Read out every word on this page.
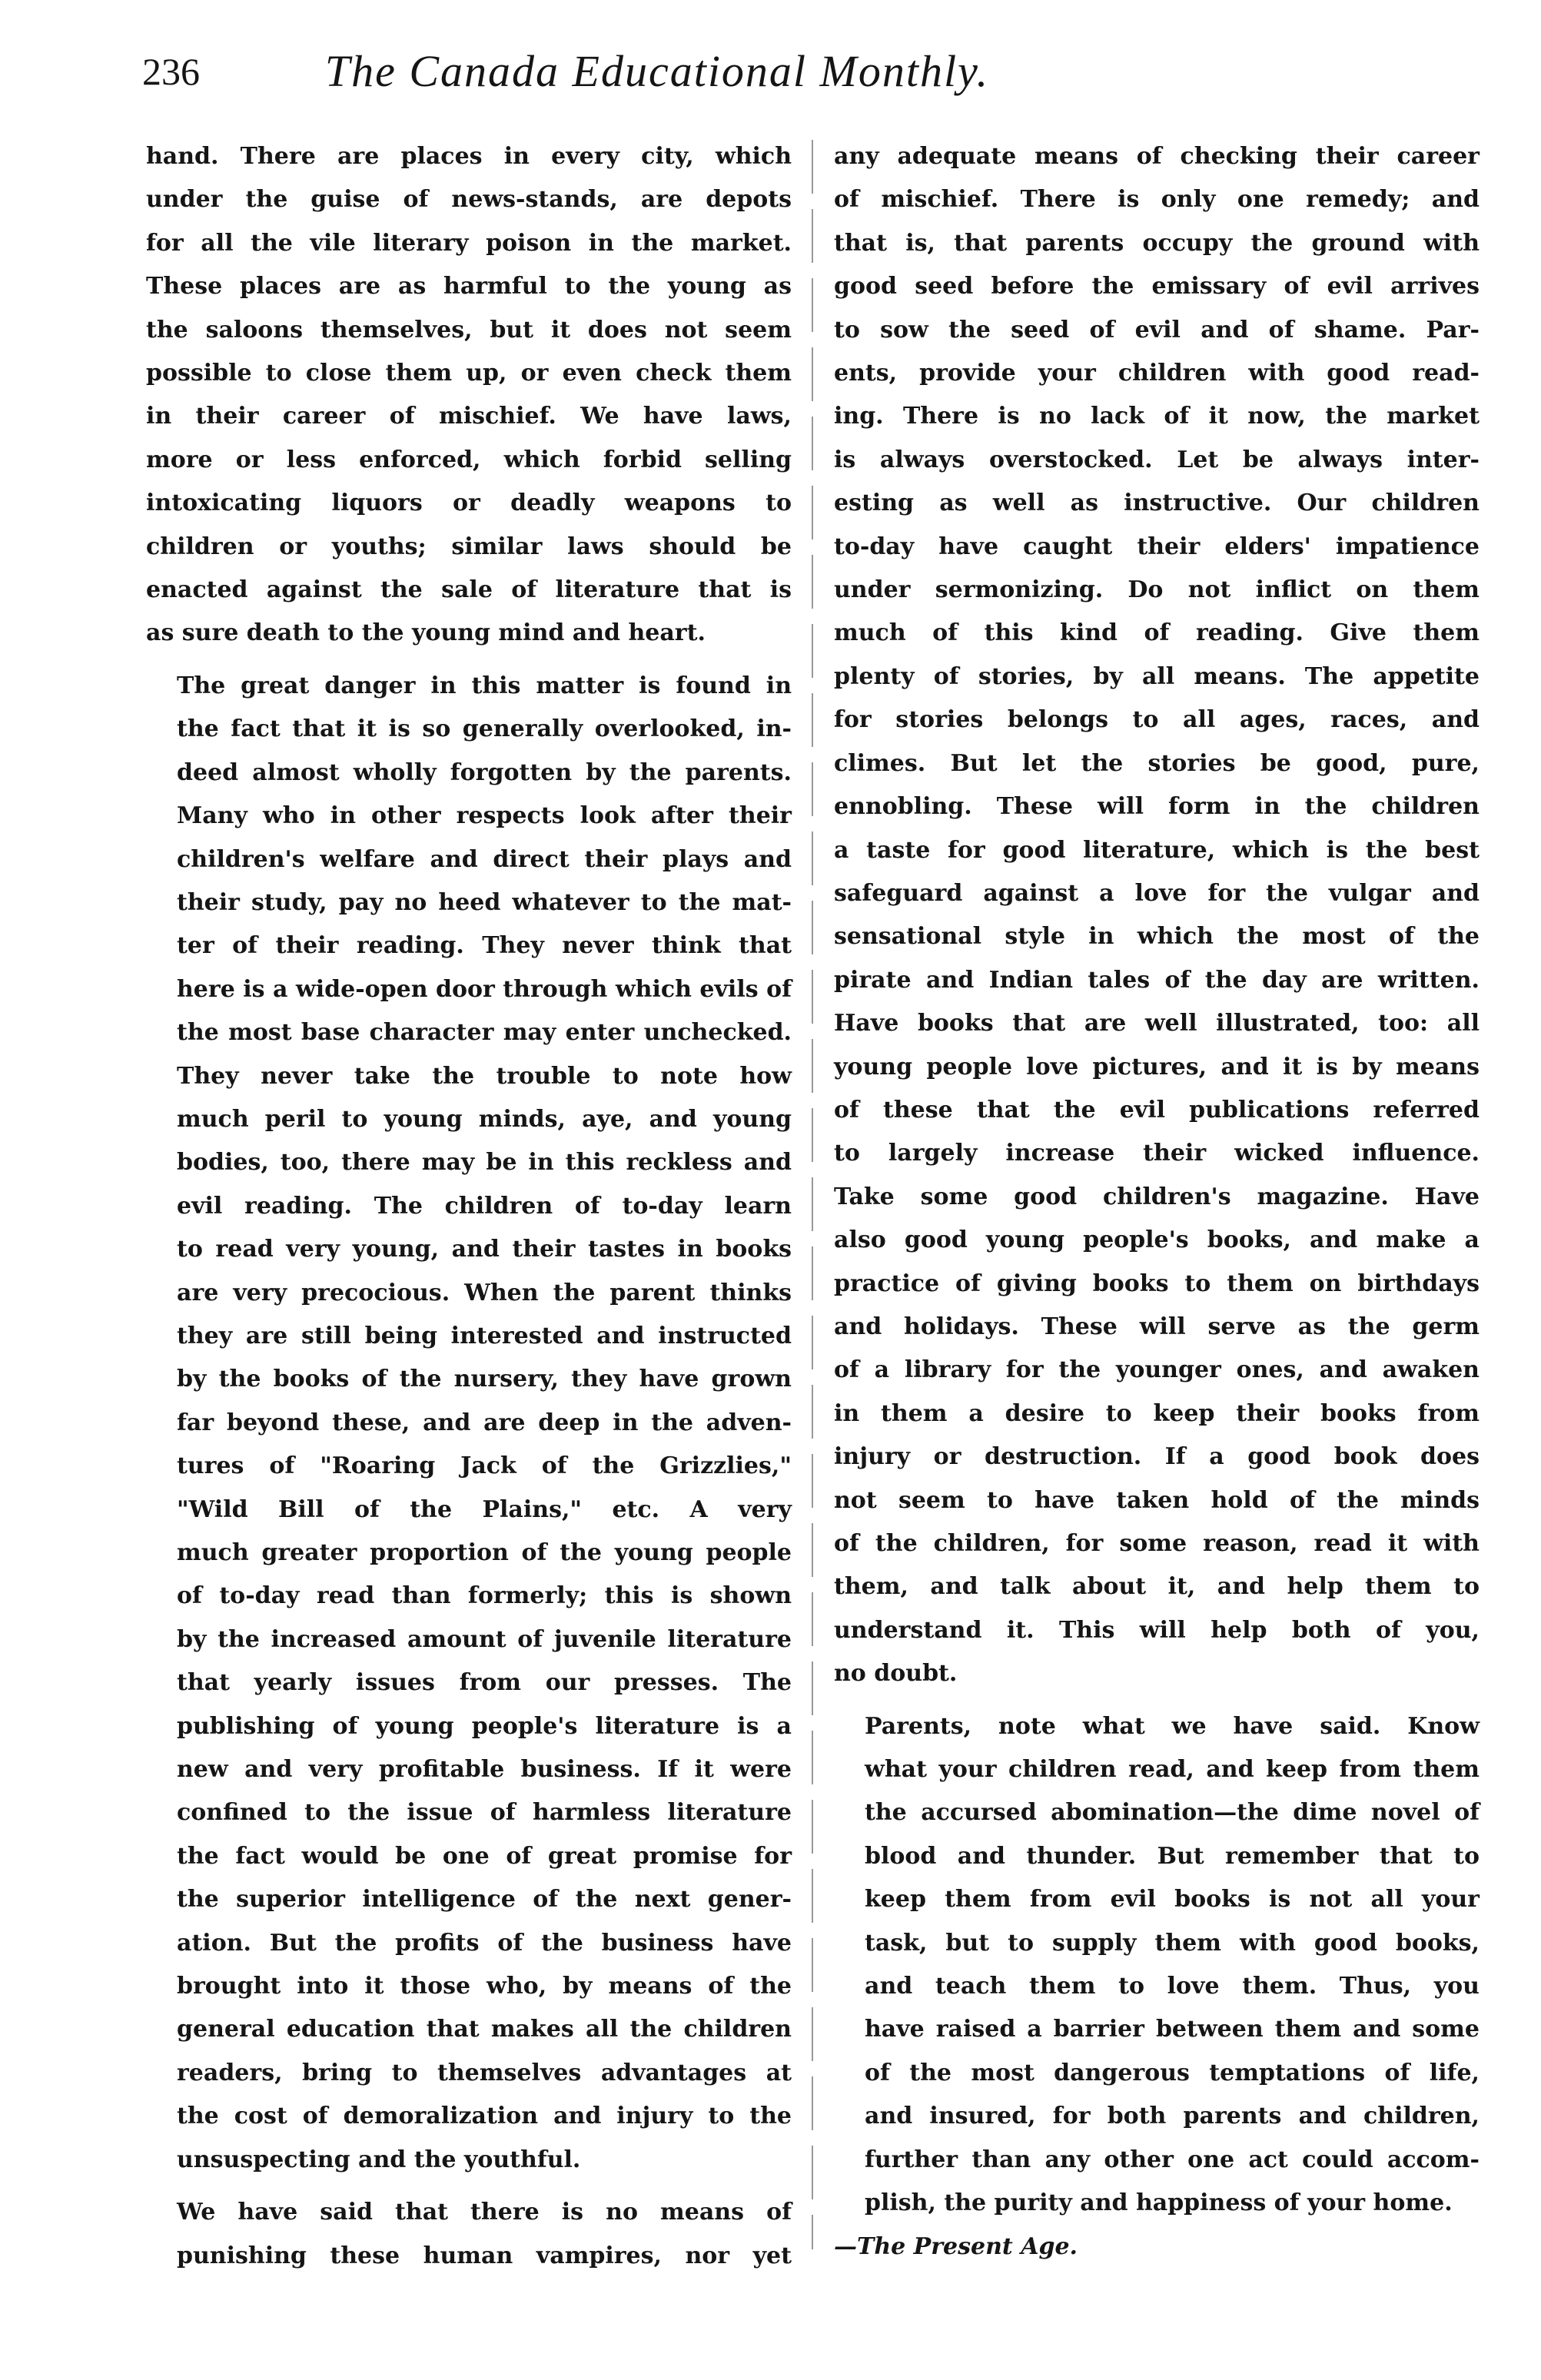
236	The Canada Educational Monthly.

hand. There are places in every city, which
under the guise of news-stands, are depots
for all the vile literary poison in the market.
These places are as harmful to the young as
the saloons themselves, but it does not seem
possible to close them up, or even check them
in their career of mischief. We have laws,
more or less enforced, which forbid selling
intoxicating liquors or deadly weapons to
children or youths; similar laws should be
enacted against the sale of literature that is
as sure death to the young mind and heart.

The great danger in this matter is found in
the fact that it is so generally overlooked, in-
deed almost wholly forgotten by the parents.
Many who in other respects look after their
children's welfare and direct their plays and
their study, pay no heed whatever to the mat-
ter of their reading. They never think that
here is a wide-open door through which evils of
the most base character may enter unchecked.
They never take the trouble to note how
much peril to young minds, aye, and young
bodies, too, there may be in this reckless and
evil reading. The children of to-day learn
to read very young, and their tastes in books
are very precocious. When the parent thinks
they are still being interested and instructed
by the books of the nursery, they have grown
far beyond these, and are deep in the adven-
tures of "Roaring Jack of the Grizzlies,"
"Wild Bill of the Plains," etc. A very
much greater proportion of the young people
of to-day read than formerly; this is shown
by the increased amount of juvenile literature
that yearly issues from our presses. The
publishing of young people's literature is a
new and very profitable business. If it were
confined to the issue of harmless literature
the fact would be one of great promise for
the superior intelligence of the next gener-
ation. But the profits of the business have
brought into it those who, by means of the
general education that makes all the children
readers, bring to themselves advantages at
the cost of demoralization and injury to the
unsuspecting and the youthful.

We have said that there is no means of
punishing these human vampires, nor yet

any adequate means of checking their career
of mischief. There is only one remedy; and
that is, that parents occupy the ground with
good seed before the emissary of evil arrives
to sow the seed of evil and of shame. Par-
ents, provide your children with good read-
ing. There is no lack of it now, the market
is always overstocked. Let be always inter-
esting as well as instructive. Our children
to-day have caught their elders' impatience
under sermonizing. Do not inflict on them
much of this kind of reading. Give them
plenty of stories, by all means. The appetite
for stories belongs to all ages, races, and
climes. But let the stories be good, pure,
ennobling. These will form in the children
a taste for good literature, which is the best
safeguard against a love for the vulgar and
sensational style in which the most of the
pirate and Indian tales of the day are written.
Have books that are well illustrated, too: all
young people love pictures, and it is by means
of these that the evil publications referred
to largely increase their wicked influence.
Take some good children's magazine. Have
also good young people's books, and make a
practice of giving books to them on birthdays
and holidays. These will serve as the germ
of a library for the younger ones, and awaken
in them a desire to keep their books from
injury or destruction. If a good book does
not seem to have taken hold of the minds
of the children, for some reason, read it with
them, and talk about it, and help them to
understand it. This will help both of you,
no doubt.

Parents, note what we have said. Know
what your children read, and keep from them
the accursed abomination—the dime novel of
blood and thunder. But remember that to
keep them from evil books is not all your
task, but to supply them with good books,
and teach them to love them. Thus, you
have raised a barrier between them and some
of the most dangerous temptations of life,
and insured, for both parents and children,
further than any other one act could accom-
plish, the purity and happiness of your home.

—The Present Age.
